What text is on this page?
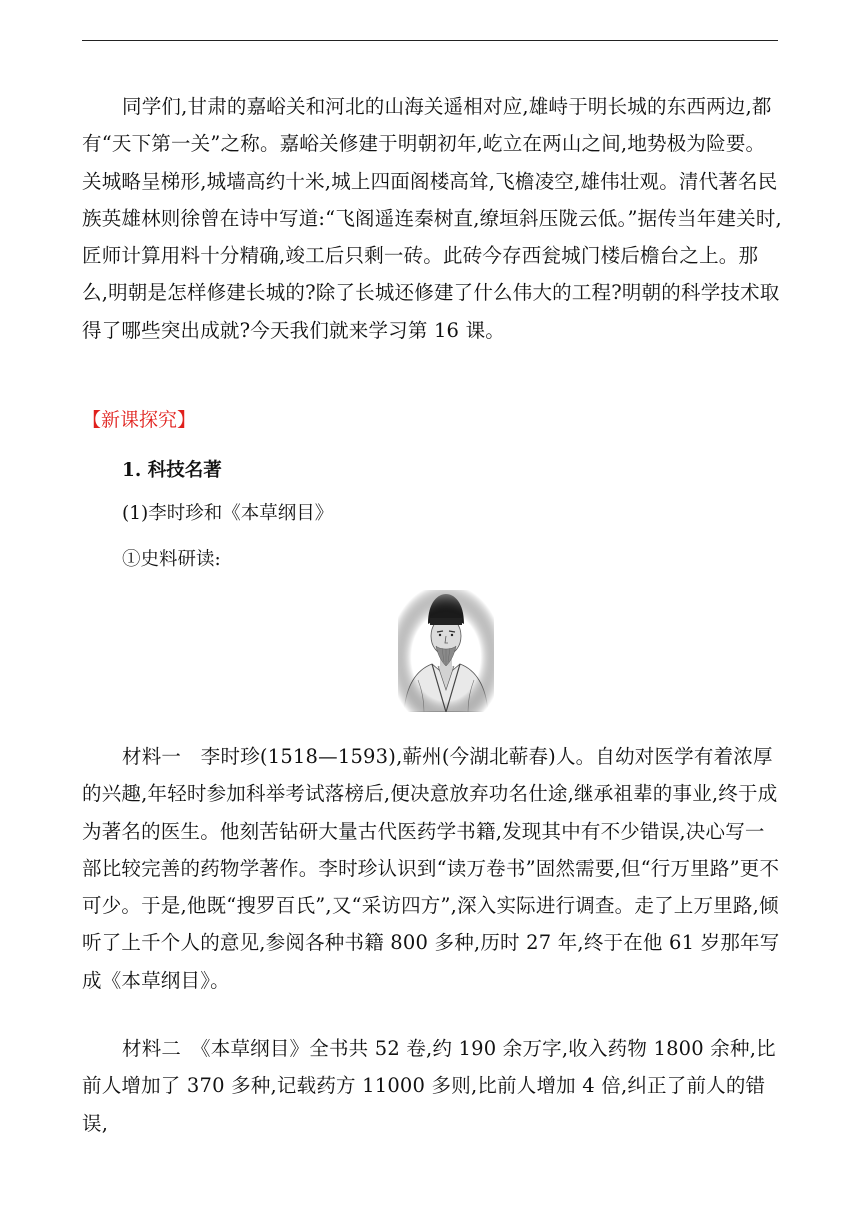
同学们,甘肃的嘉峪关和河北的山海关遥相对应,雄峙于明长城的东西两边,都有“天下第一关”之称。嘉峪关修建于明朝初年,屹立在两山之间,地势极为险要。关城略呈梯形,城墙高约十米,城上四面阁楼高耸,飞檐凌空,雄伟壮观。清代著名民族英雄林则徐曾在诗中写道:“飞阁遥连秦树直,缭垣斜压陇云低。”据传当年建关时,匠师计算用料十分精确,竣工后只剩一砖。此砖今存西瓮城门楼后檐台之上。那么,明朝是怎样修建长城的?除了长城还修建了什么伟大的工程?明朝的科学技术取得了哪些突出成就?今天我们就来学习第 16 课。

【新课探究】

1. 科技名著

(1)李时珍和《本草纲目》

①史料研读:

材料一　李时珍(1518—1593),蕲州(今湖北蕲春)人。自幼对医学有着浓厚的兴趣,年轻时参加科举考试落榜后,便决意放弃功名仕途,继承祖辈的事业,终于成为著名的医生。他刻苦钻研大量古代医药学书籍,发现其中有不少错误,决心写一部比较完善的药物学著作。李时珍认识到“读万卷书”固然需要,但“行万里路”更不可少。于是,他既“搜罗百氏”,又“采访四方”,深入实际进行调查。走了上万里路,倾听了上千个人的意见,参阅各种书籍 800 多种,历时 27 年,终于在他 61 岁那年写成《本草纲目》。

材料二　《本草纲目》全书共 52 卷,约 190 余万字,收入药物 1800 余种,比前人增加了 370 多种,记载药方 11000 多则,比前人增加 4 倍,纠正了前人的错误,
